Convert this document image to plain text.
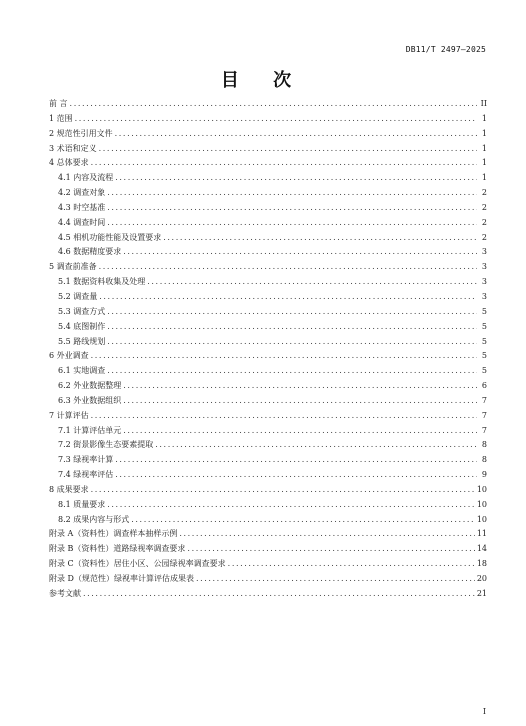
DB11/T 2497—2025
目 次
前 言 .....	II
1 范围 .....	1
2 规范性引用文件 .....	1
3 术语和定义 .....	1
4 总体要求 .....	1
4.1 内容及流程 .....	1
4.2 调查对象 .....	2
4.3 时空基准 .....	2
4.4 调查时间 .....	2
4.5 相机功能性能及设置要求 .....	2
4.6 数据精度要求 .....	3
5 调查前准备 .....	3
5.1 数据资料收集及处理 .....	3
5.2 调查量 .....	3
5.3 调查方式 .....	5
5.4 底图制作 .....	5
5.5 路线规划 .....	5
6 外业调查 .....	5
6.1 实地调查 .....	5
6.2 外业数据整理 .....	6
6.3 外业数据组织 .....	7
7 计算评估 .....	7
7.1 计算评估单元 .....	7
7.2 街景影像生态要素提取 .....	8
7.3 绿视率计算 .....	8
7.4 绿视率评估 .....	9
8 成果要求 .....	10
8.1 质量要求 .....	10
8.2 成果内容与形式 .....	10
附录 A（资料性）调查样本抽样示例 .....	11
附录 B（资料性）道路绿视率调查要求 .....	14
附录 C（资料性）居住小区、公园绿视率调查要求 .....	18
附录 D（规范性）绿视率计算评估成果表 .....	20
参考文献 .....	21
I
